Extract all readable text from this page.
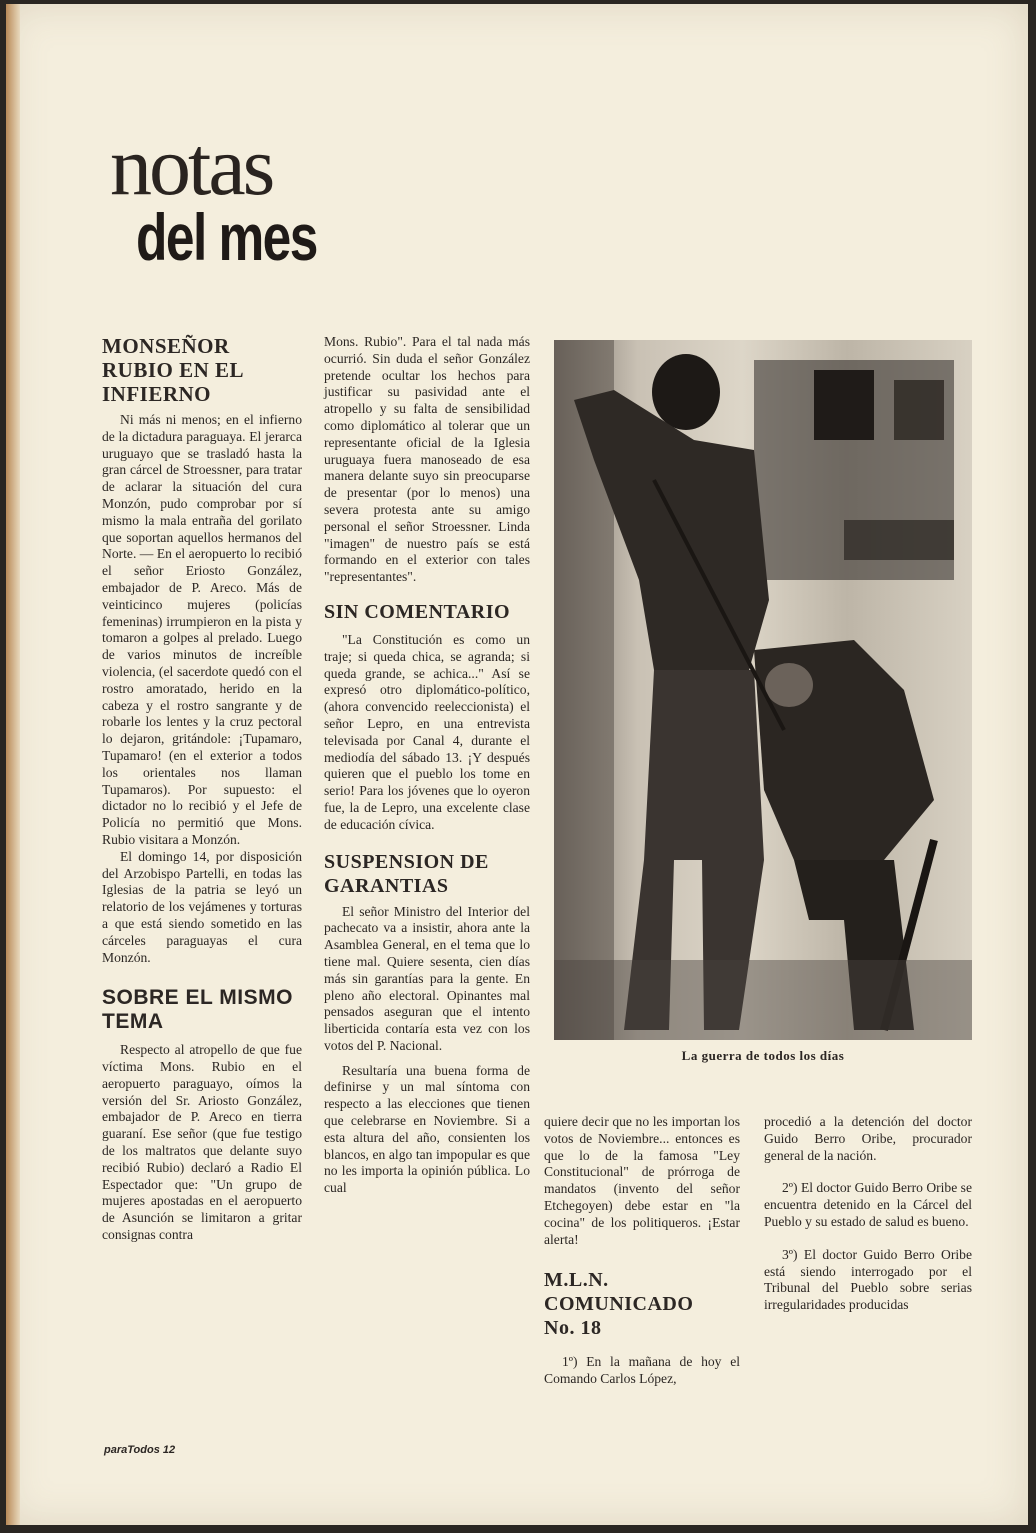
notas
del mes
MONSEÑOR RUBIO EN EL INFIERNO

Ni más ni menos; en el infierno de la dictadura paraguaya. El jerarca uruguayo que se trasladó hasta la gran cárcel de Stroessner, para tratar de aclarar la situación del cura Monzón, pudo comprobar por sí mismo la mala entraña del gorilato que soportan aquellos hermanos del Norte. — En el aeropuerto lo recibió el señor Eriosto González, embajador de P. Areco. Más de veinticinco mujeres (policías femeninas) irrumpieron en la pista y tomaron a golpes al prelado. Luego de varios minutos de increíble violencia, (el sacerdote quedó con el rostro amoratado, herido en la cabeza y el rostro sangrante y de robarle los lentes y la cruz pectoral lo dejaron, gritándole: ¡Tupamaro, Tupamaro! (en el exterior a todos los orientales nos llaman Tupamaros). Por supuesto: el dictador no lo recibió y el Jefe de Policía no permitió que Mons. Rubio visitara a Monzón.

El domingo 14, por disposición del Arzobispo Partelli, en todas las Iglesias de la patria se leyó un relatorio de los vejámenes y torturas a que está siendo sometido en las cárceles paraguayas el cura Monzón.

SOBRE EL MISMO TEMA

Respecto al atropello de que fue víctima Mons. Rubio en el aeropuerto paraguayo, oímos la versión del Sr. Ariosto González, embajador de P. Areco en tierra guaraní. Ese señor (que fue testigo de los maltratos que delante suyo recibió Rubio) declaró a Radio El Espectador que: "Un grupo de mujeres apostadas en el aeropuerto de Asunción se limitaron a gritar consignas contra

Mons. Rubio". Para el tal nada más ocurrió. Sin duda el señor González pretende ocultar los hechos para justificar su pasividad ante el atropello y su falta de sensibilidad como diplomático al tolerar que un representante oficial de la Iglesia uruguaya fuera manoseado de esa manera delante suyo sin preocuparse de presentar (por lo menos) una severa protesta ante su amigo personal el señor Stroessner. Linda "imagen" de nuestro país se está formando en el exterior con tales "representantes".

SIN COMENTARIO

"La Constitución es como un traje; si queda chica, se agranda; si queda grande, se achica..." Así se expresó otro diplomático-político, (ahora convencido reeleccionista) el señor Lepro, en una entrevista televisada por Canal 4, durante el mediodía del sábado 13. ¡Y después quieren que el pueblo los tome en serio! Para los jóvenes que lo oyeron fue, la de Lepro, una excelente clase de educación cívica.

SUSPENSION DE GARANTIAS

El señor Ministro del Interior del pachecato va a insistir, ahora ante la Asamblea General, en el tema que lo tiene mal. Quiere sesenta, cien días más sin garantías para la gente. En pleno año electoral. Opinantes mal pensados aseguran que el intento liberticida contaría esta vez con los votos del P. Nacional.

Resultaría una buena forma de definirse y un mal síntoma con respecto a las elecciones que tienen que celebrarse en Noviembre. Si a esta altura del año, consienten los blancos, en algo tan impopular es que no les importa la opinión pública. Lo cual

La guerra de todos los días

quiere decir que no les importan los votos de Noviembre... entonces es que lo de la famosa "Ley Constitucional" de prórroga de mandatos (invento del señor Etchegoyen) debe estar en "la cocina" de los politiqueros. ¡Estar alerta!

M.L.N. COMUNICADO No. 18

1º) En la mañana de hoy el Comando Carlos López,

procedió a la detención del doctor Guido Berro Oribe, procurador general de la nación.

2º) El doctor Guido Berro Oribe se encuentra detenido en la Cárcel del Pueblo y su estado de salud es bueno.

3º) El doctor Guido Berro Oribe está siendo interrogado por el Tribunal del Pueblo sobre serias irregularidades producidas

paraTodos 12
